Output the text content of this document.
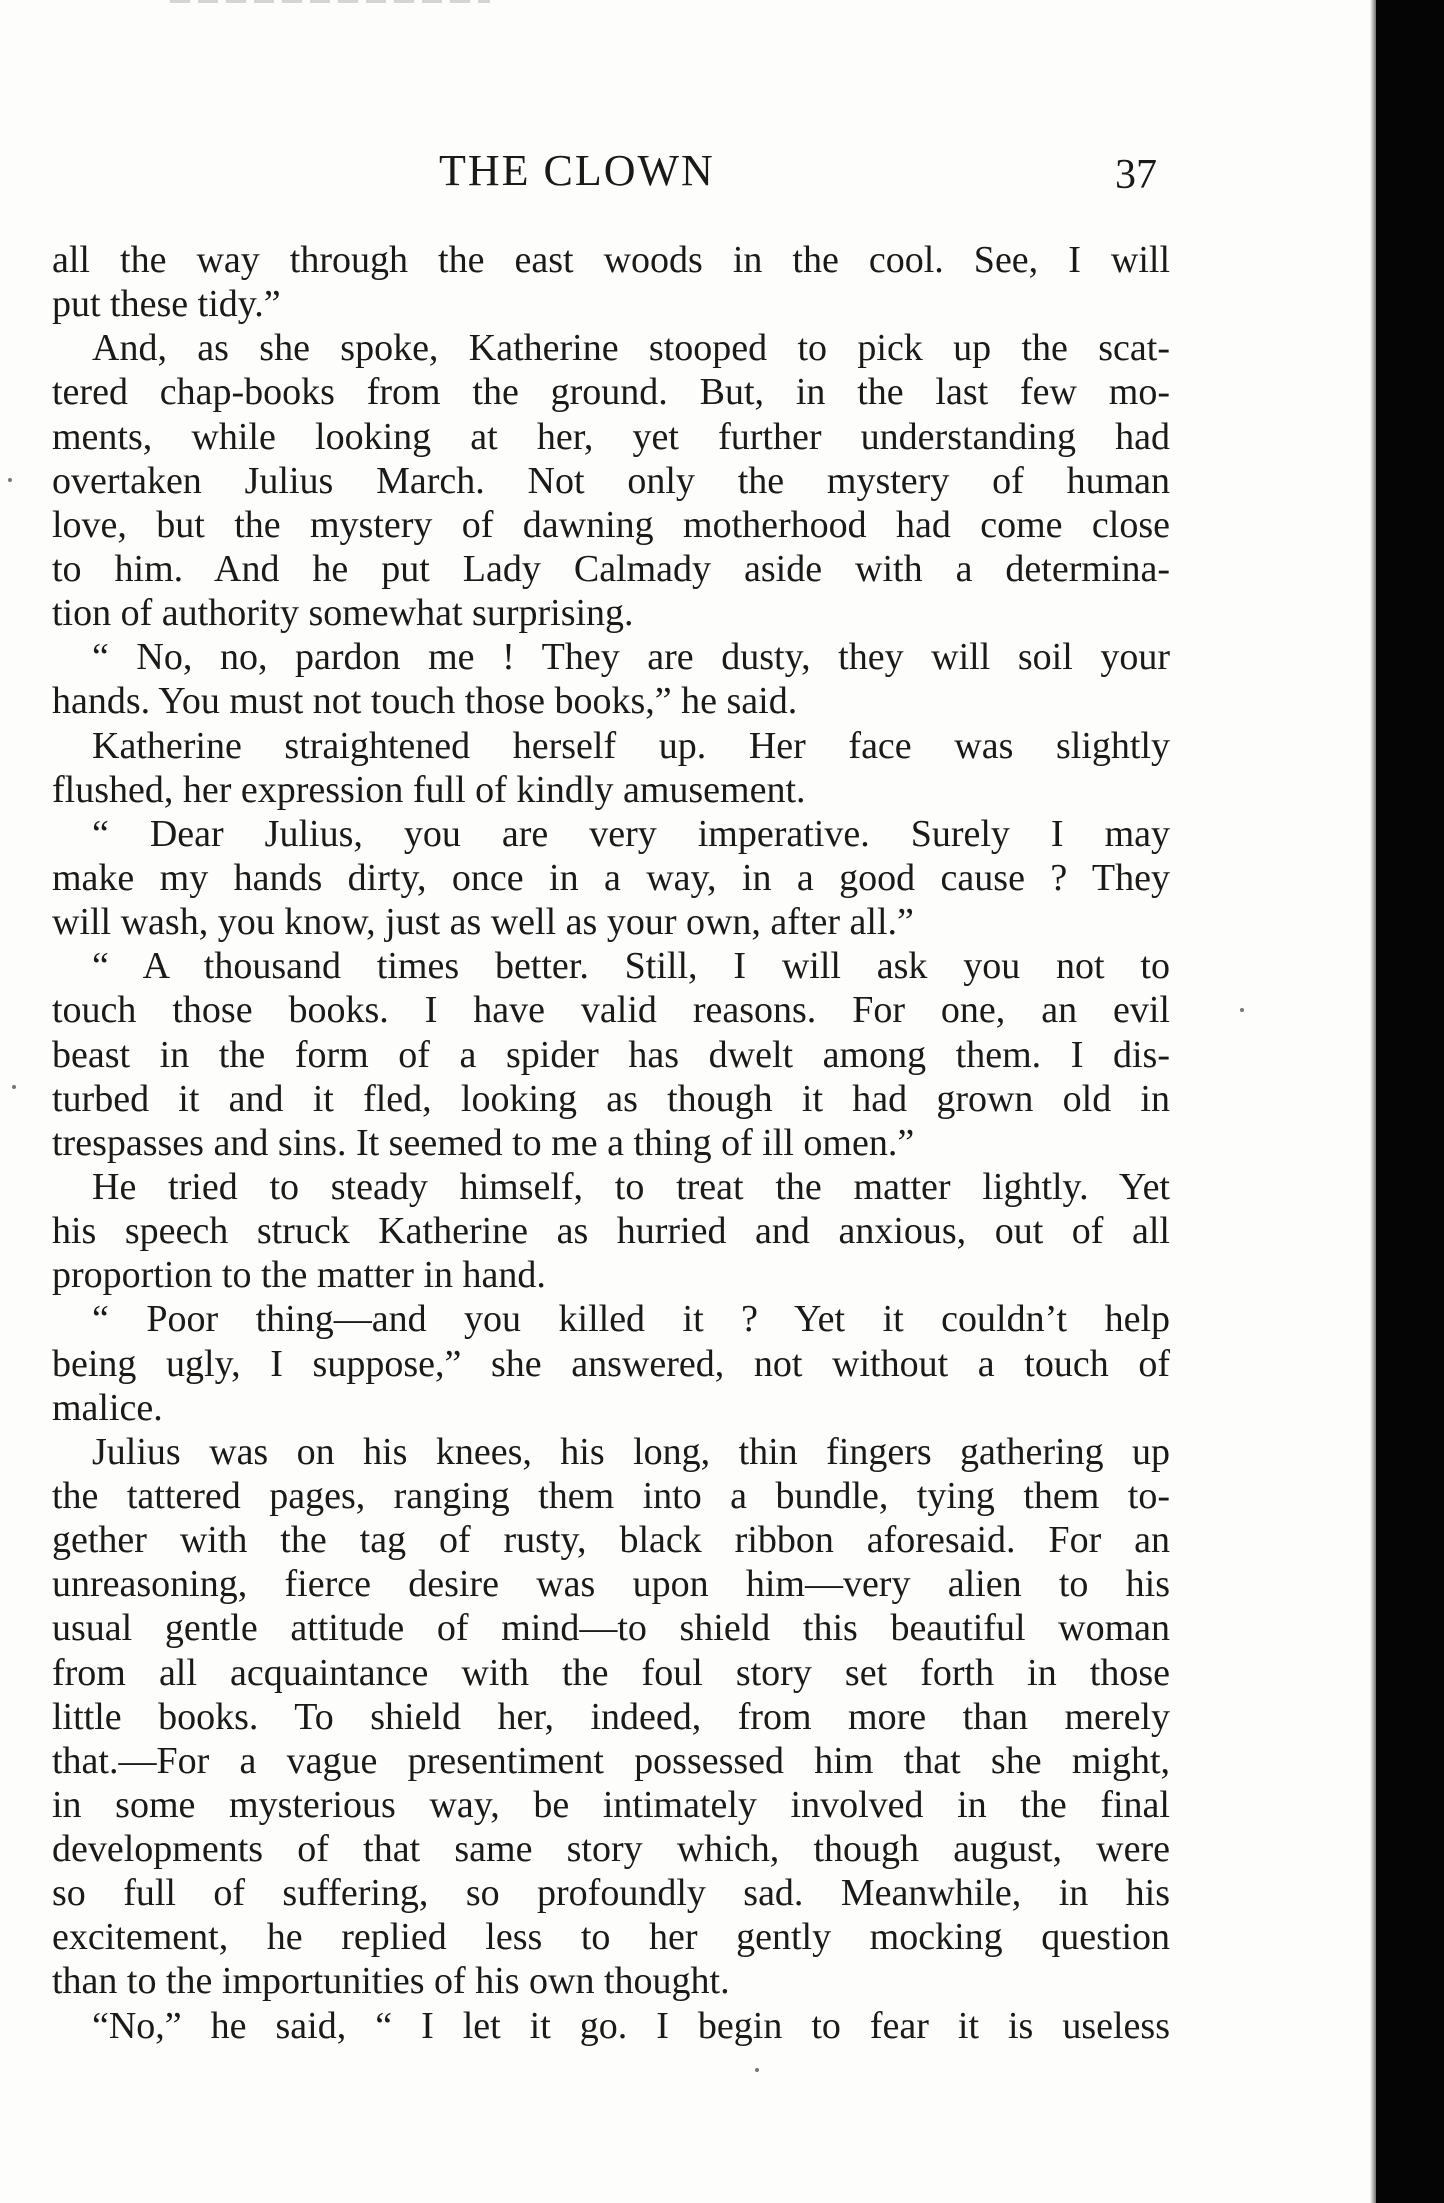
THE CLOWN	37
all the way through the east woods in the cool. See, I will
put these tidy.”
And, as she spoke, Katherine stooped to pick up the scat-
tered chap-books from the ground. But, in the last few mo-
ments, while looking at her, yet further understanding had
overtaken Julius March. Not only the mystery of human
love, but the mystery of dawning motherhood had come close
to him. And he put Lady Calmady aside with a determina-
tion of authority somewhat surprising.
“ No, no, pardon me ! They are dusty, they will soil your
hands. You must not touch those books,” he said.
Katherine straightened herself up. Her face was slightly
flushed, her expression full of kindly amusement.
“ Dear Julius, you are very imperative. Surely I may
make my hands dirty, once in a way, in a good cause ? They
will wash, you know, just as well as your own, after all.”
“ A thousand times better. Still, I will ask you not to
touch those books. I have valid reasons. For one, an evil
beast in the form of a spider has dwelt among them. I dis-
turbed it and it fled, looking as though it had grown old in
trespasses and sins. It seemed to me a thing of ill omen.”
He tried to steady himself, to treat the matter lightly. Yet
his speech struck Katherine as hurried and anxious, out of all
proportion to the matter in hand.
“ Poor thing—and you killed it ? Yet it couldn’t help
being ugly, I suppose,” she answered, not without a touch of
malice.
Julius was on his knees, his long, thin fingers gathering up
the tattered pages, ranging them into a bundle, tying them to-
gether with the tag of rusty, black ribbon aforesaid. For an
unreasoning, fierce desire was upon him—very alien to his
usual gentle attitude of mind—to shield this beautiful woman
from all acquaintance with the foul story set forth in those
little books. To shield her, indeed, from more than merely
that.—For a vague presentiment possessed him that she might,
in some mysterious way, be intimately involved in the final
developments of that same story which, though august, were
so full of suffering, so profoundly sad. Meanwhile, in his
excitement, he replied less to her gently mocking question
than to the importunities of his own thought.
“No,” he said, “ I let it go. I begin to fear it is useless
